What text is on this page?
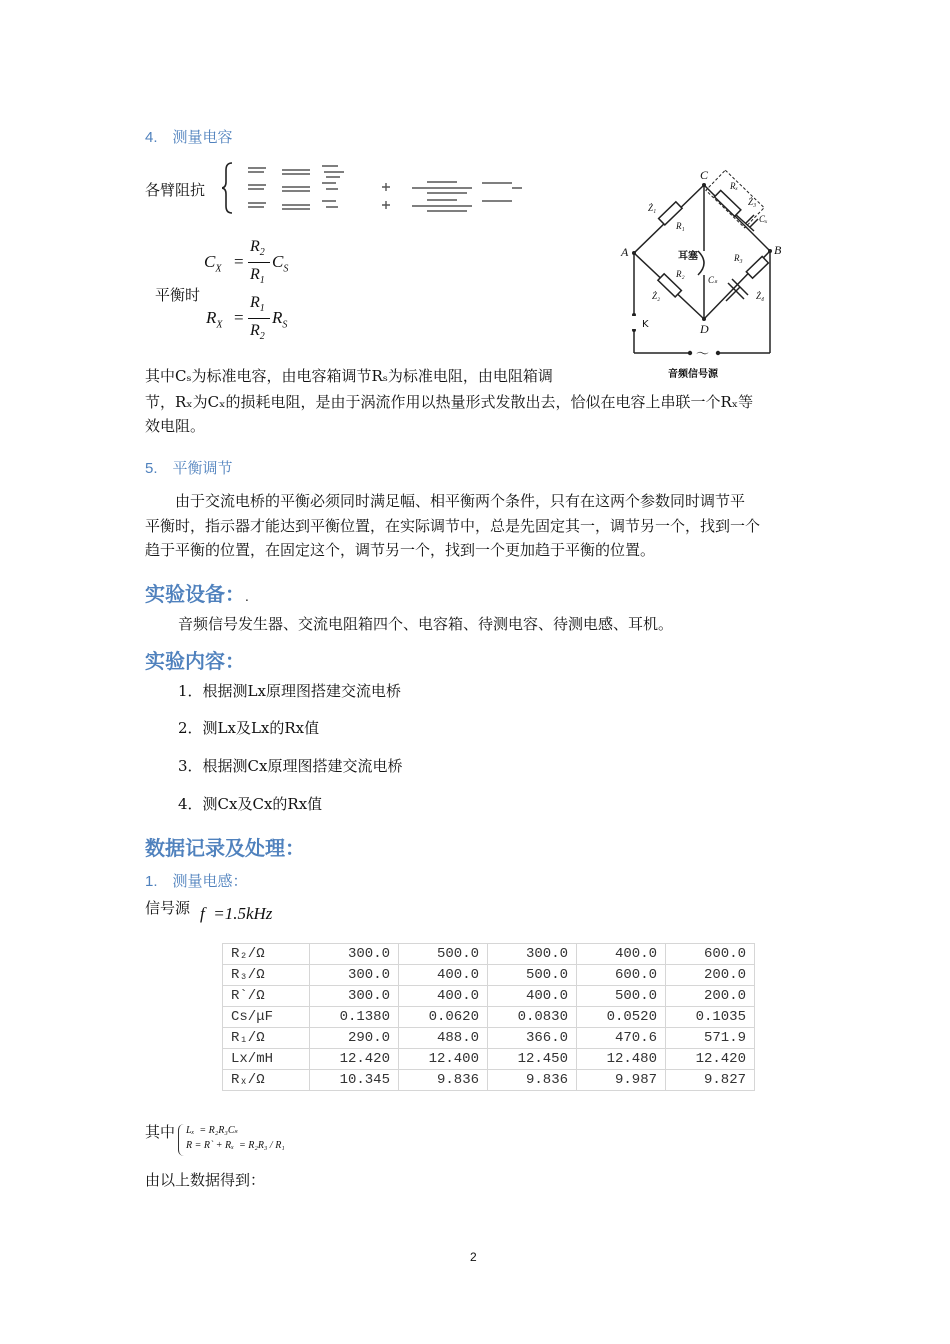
4.　测量电容
各臂阻抗
平衡时
$C_X$ =
$R_2$
$R_1$
$C_S$
$R_X$ =
$R_1$
$R_2$
$R_S$
A	B
C
D
Ż₁
R₁
R₂
Ż₂
Rₓ
Ż₃
Cₓ
R₃
Ż₄
Cₛ
耳塞
K
～
音频信号源
其中Cₛ为标准电容，由电容箱调节Rₛ为标准电阻，由电阻箱调
节，Rₓ为Cₓ的损耗电阻，是由于涡流作用以热量形式发散出去，恰似在电容上串联一个Rₓ等
效电阻。
5.　平衡调节
由于交流电桥的平衡必须同时满足幅、相平衡两个条件，只有在这两个参数同时调节平
平衡时，指示器才能达到平衡位置，在实际调节中，总是先固定其一，调节另一个，找到一个
趋于平衡的位置，在固定这个，调节另一个，找到一个更加趋于平衡的位置。
实验设备：.
音频信号发生器、交流电阻箱四个、电容箱、待测电容、待测电感、耳机。
实验内容：
1．根据测Lx原理图搭建交流电桥
2．测Lx及Lx的Rx值
3．根据测Cx原理图搭建交流电桥
4．测Cx及Cx的Rx值
数据记录及处理：
1.　测量电感：
信号源 f  =1.5kHz
R₂/Ω	300.0	500.0	300.0	400.0	600.0
R₃/Ω	300.0	400.0	500.0	600.0	200.0
R`/Ω	300.0	400.0	400.0	500.0	200.0
Cs/μF	0.1380	0.0620	0.0830	0.0520	0.1035
R₁/Ω	290.0	488.0	366.0	470.6	571.9
Lx/mH	12.420	12.400	12.450	12.480	12.420
Rₓ/Ω	10.345	9.836	9.836	9.987	9.827
其中 Lₓ  = R₂R₃Cₛ
R = R` + Rₓ  = R₂R₃ / R₁
由以上数据得到：
2
